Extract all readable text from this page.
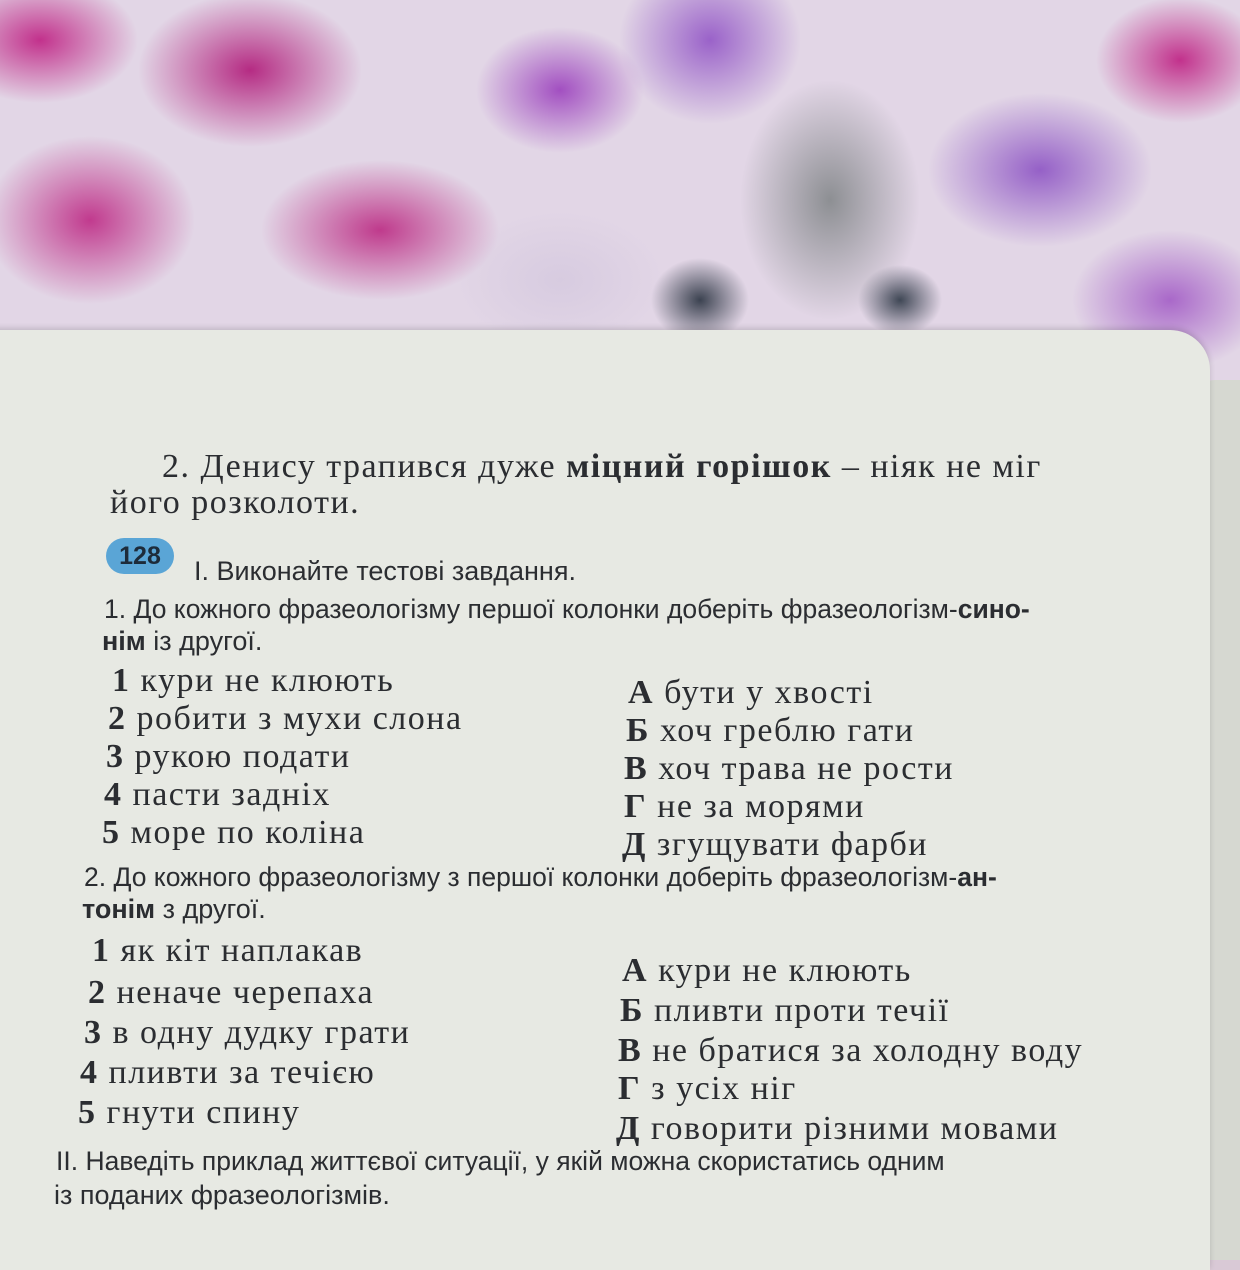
2. Денису трапився дуже міцний горішок – ніяк не міг
його розколоти.
128	І. Виконайте тестові завдання.
1. До кожного фразеологізму першої колонки доберіть фразеологізм-сино-
нім із другої.
1 кури не клюють
2 робити з мухи слона
3 рукою подати
4 пасти задніх
5 море по коліна
А бути у хвості
Б хоч греблю гати
В хоч трава не рости
Г не за морями
Д згущувати фарби
2. До кожного фразеологізму з першої колонки доберіть фразеологізм-ан-
тонім з другої.
1 як кіт наплакав
2 неначе черепаха
3 в одну дудку грати
4 пливти за течією
5 гнути спину
А кури не клюють
Б пливти проти течії
В не братися за холодну воду
Г з усіх ніг
Д говорити різними мовами
ІІ. Наведіть приклад життєвої ситуації, у якій можна скористатись одним
із поданих фразеологізмів.
